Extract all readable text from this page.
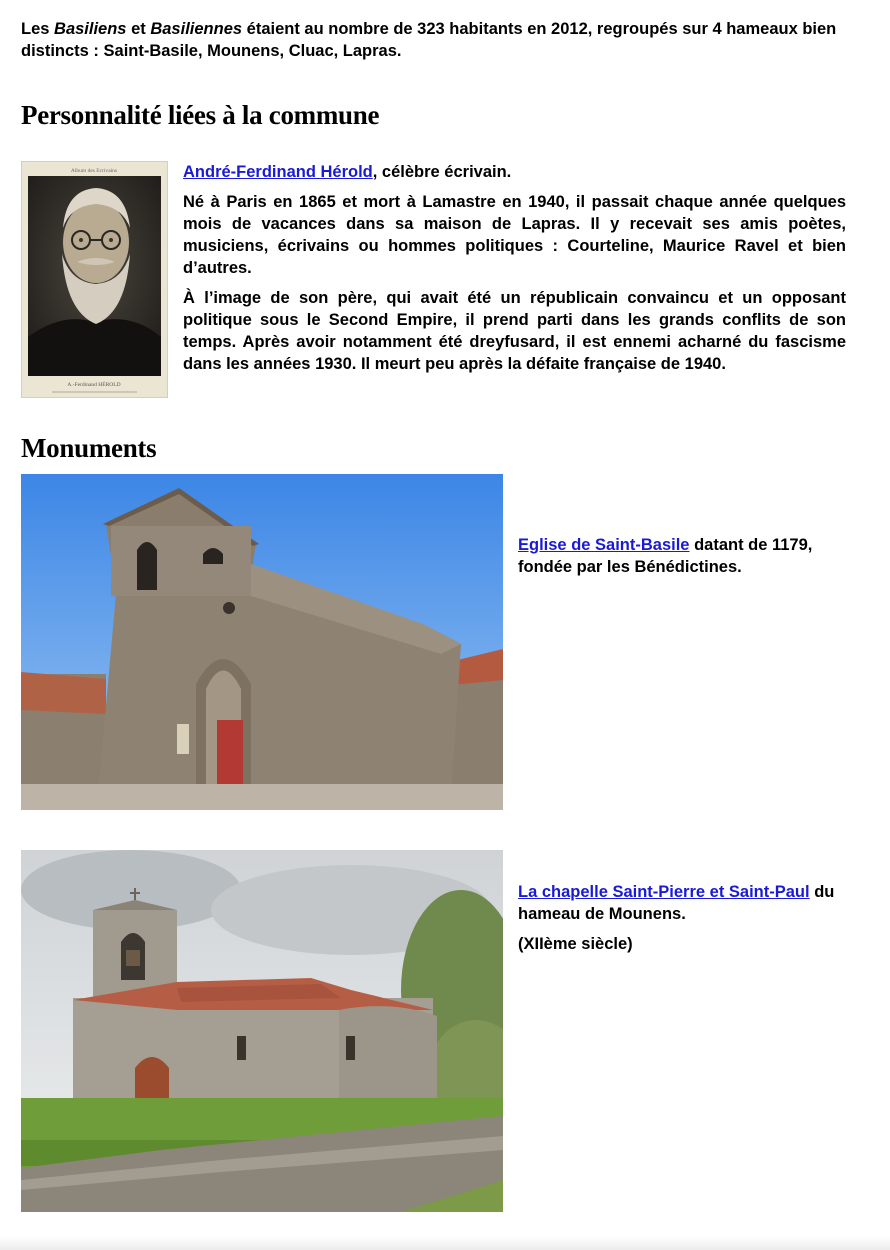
Les Basiliens et Basiliennes étaient au nombre de 323 habitants en 2012, regroupés sur 4 hameaux bien distincts : Saint-Basile, Mounens, Cluac, Lapras.
Personnalité liées à la commune
Album des Ecrivains
A.-Ferdinand HÉROLD

André-Ferdinand Hérold, célèbre écrivain.

Né à Paris en 1865 et mort à Lamastre en 1940, il passait chaque année quelques mois de vacances dans sa maison de Lapras. Il y recevait ses amis poètes, musiciens, écrivains ou hommes politiques : Courteline, Maurice Ravel et bien d’autres.

À l’image de son père, qui avait été un républicain convaincu et un opposant politique sous le Second Empire, il prend parti dans les grands conflits de son temps. Après avoir notamment été dreyfusard, il est ennemi acharné du fascisme dans les années 1930. Il meurt peu après la défaite française de 1940.

Monuments
Eglise de Saint-Basile datant de 1179, fondée par les Bénédictines.
La chapelle Saint-Pierre et Saint-Paul du hameau de Mounens.
(XIIème siècle)
